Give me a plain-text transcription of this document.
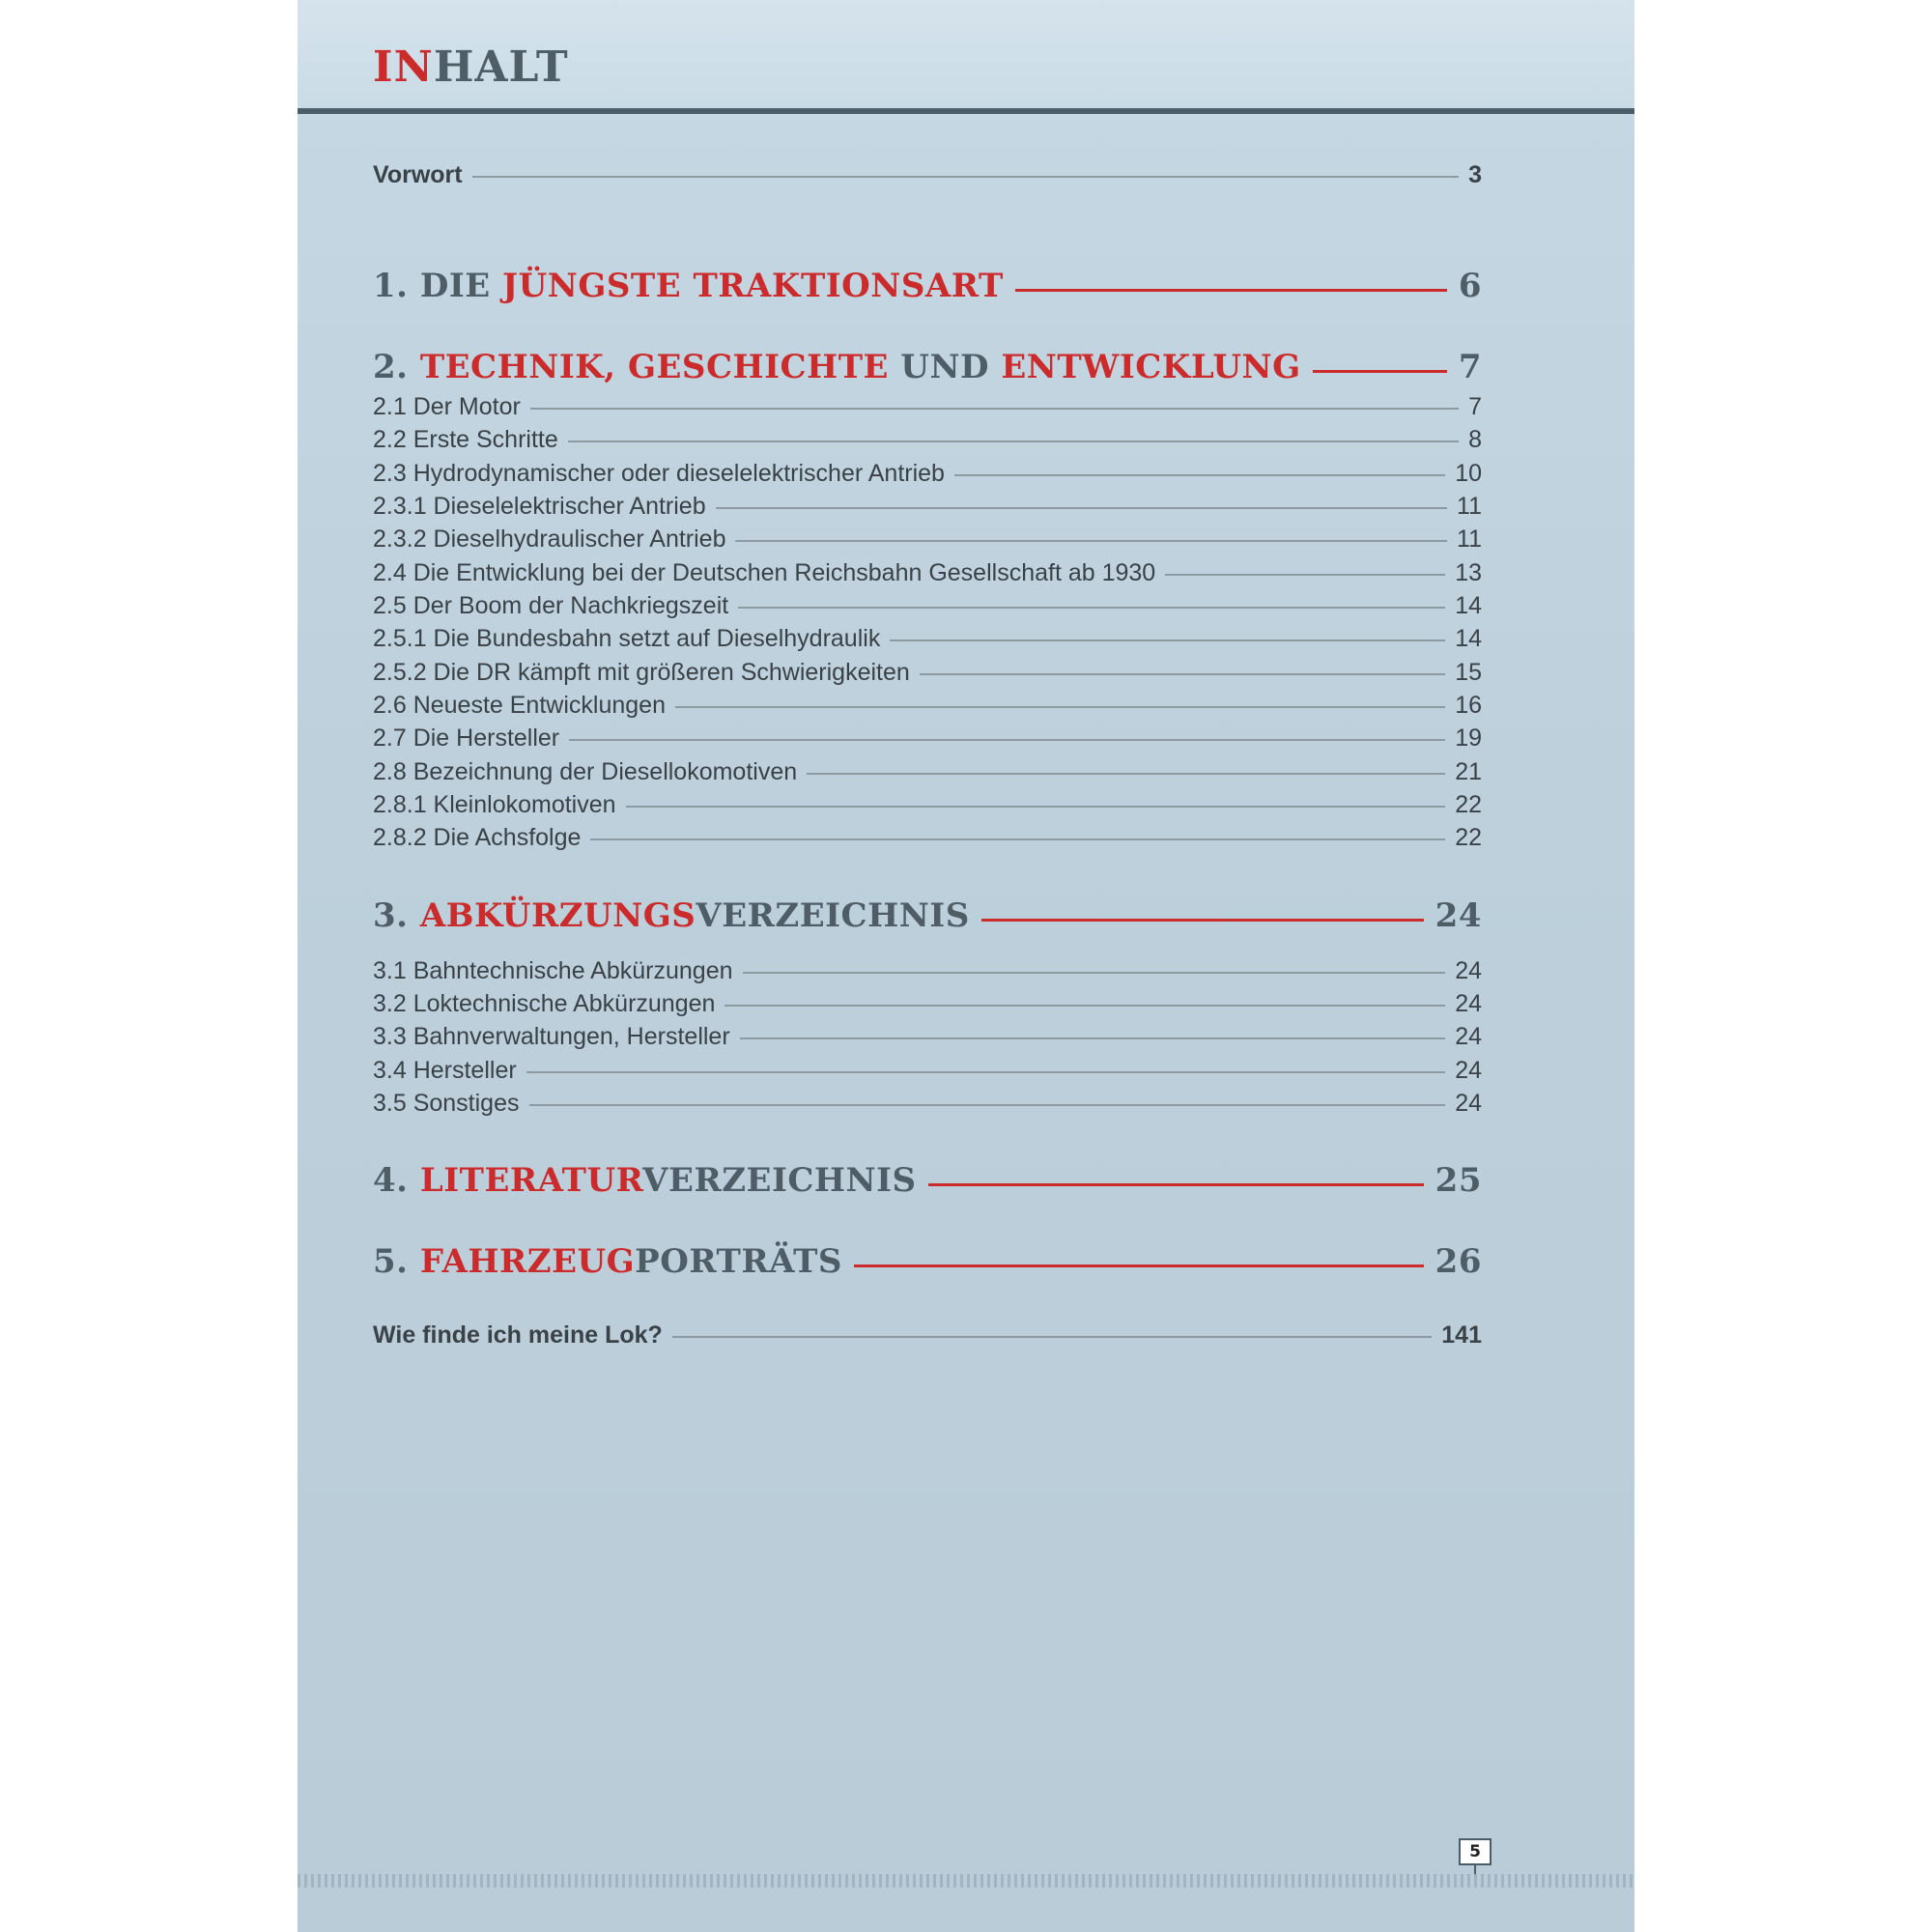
INHALT
Vorwort	3
1. DIE JÜNGSTE TRAKTIONSART	6
2. TECHNIK, GESCHICHTE UND ENTWICKLUNG	7
2.1 Der Motor	7
2.2 Erste Schritte	8
2.3 Hydrodynamischer oder dieselelektrischer Antrieb	10
2.3.1 Dieselelektrischer Antrieb	11
2.3.2 Dieselhydraulischer Antrieb	11
2.4 Die Entwicklung bei der Deutschen Reichsbahn Gesellschaft ab 1930	13
2.5 Der Boom der Nachkriegszeit	14
2.5.1 Die Bundesbahn setzt auf Dieselhydraulik	14
2.5.2 Die DR kämpft mit größeren Schwierigkeiten	15
2.6 Neueste Entwicklungen	16
2.7 Die Hersteller	19
2.8 Bezeichnung der Diesellokomotiven	21
2.8.1 Kleinlokomotiven	22
2.8.2 Die Achsfolge	22
3. ABKÜRZUNGSVERZEICHNIS	24
3.1 Bahntechnische Abkürzungen	24
3.2 Loktechnische Abkürzungen	24
3.3 Bahnverwaltungen, Hersteller	24
3.4 Hersteller	24
3.5 Sonstiges	24
4. LITERATURVERZEICHNIS	25
5. FAHRZEUGPORTRÄTS	26
Wie finde ich meine Lok?	141
5
